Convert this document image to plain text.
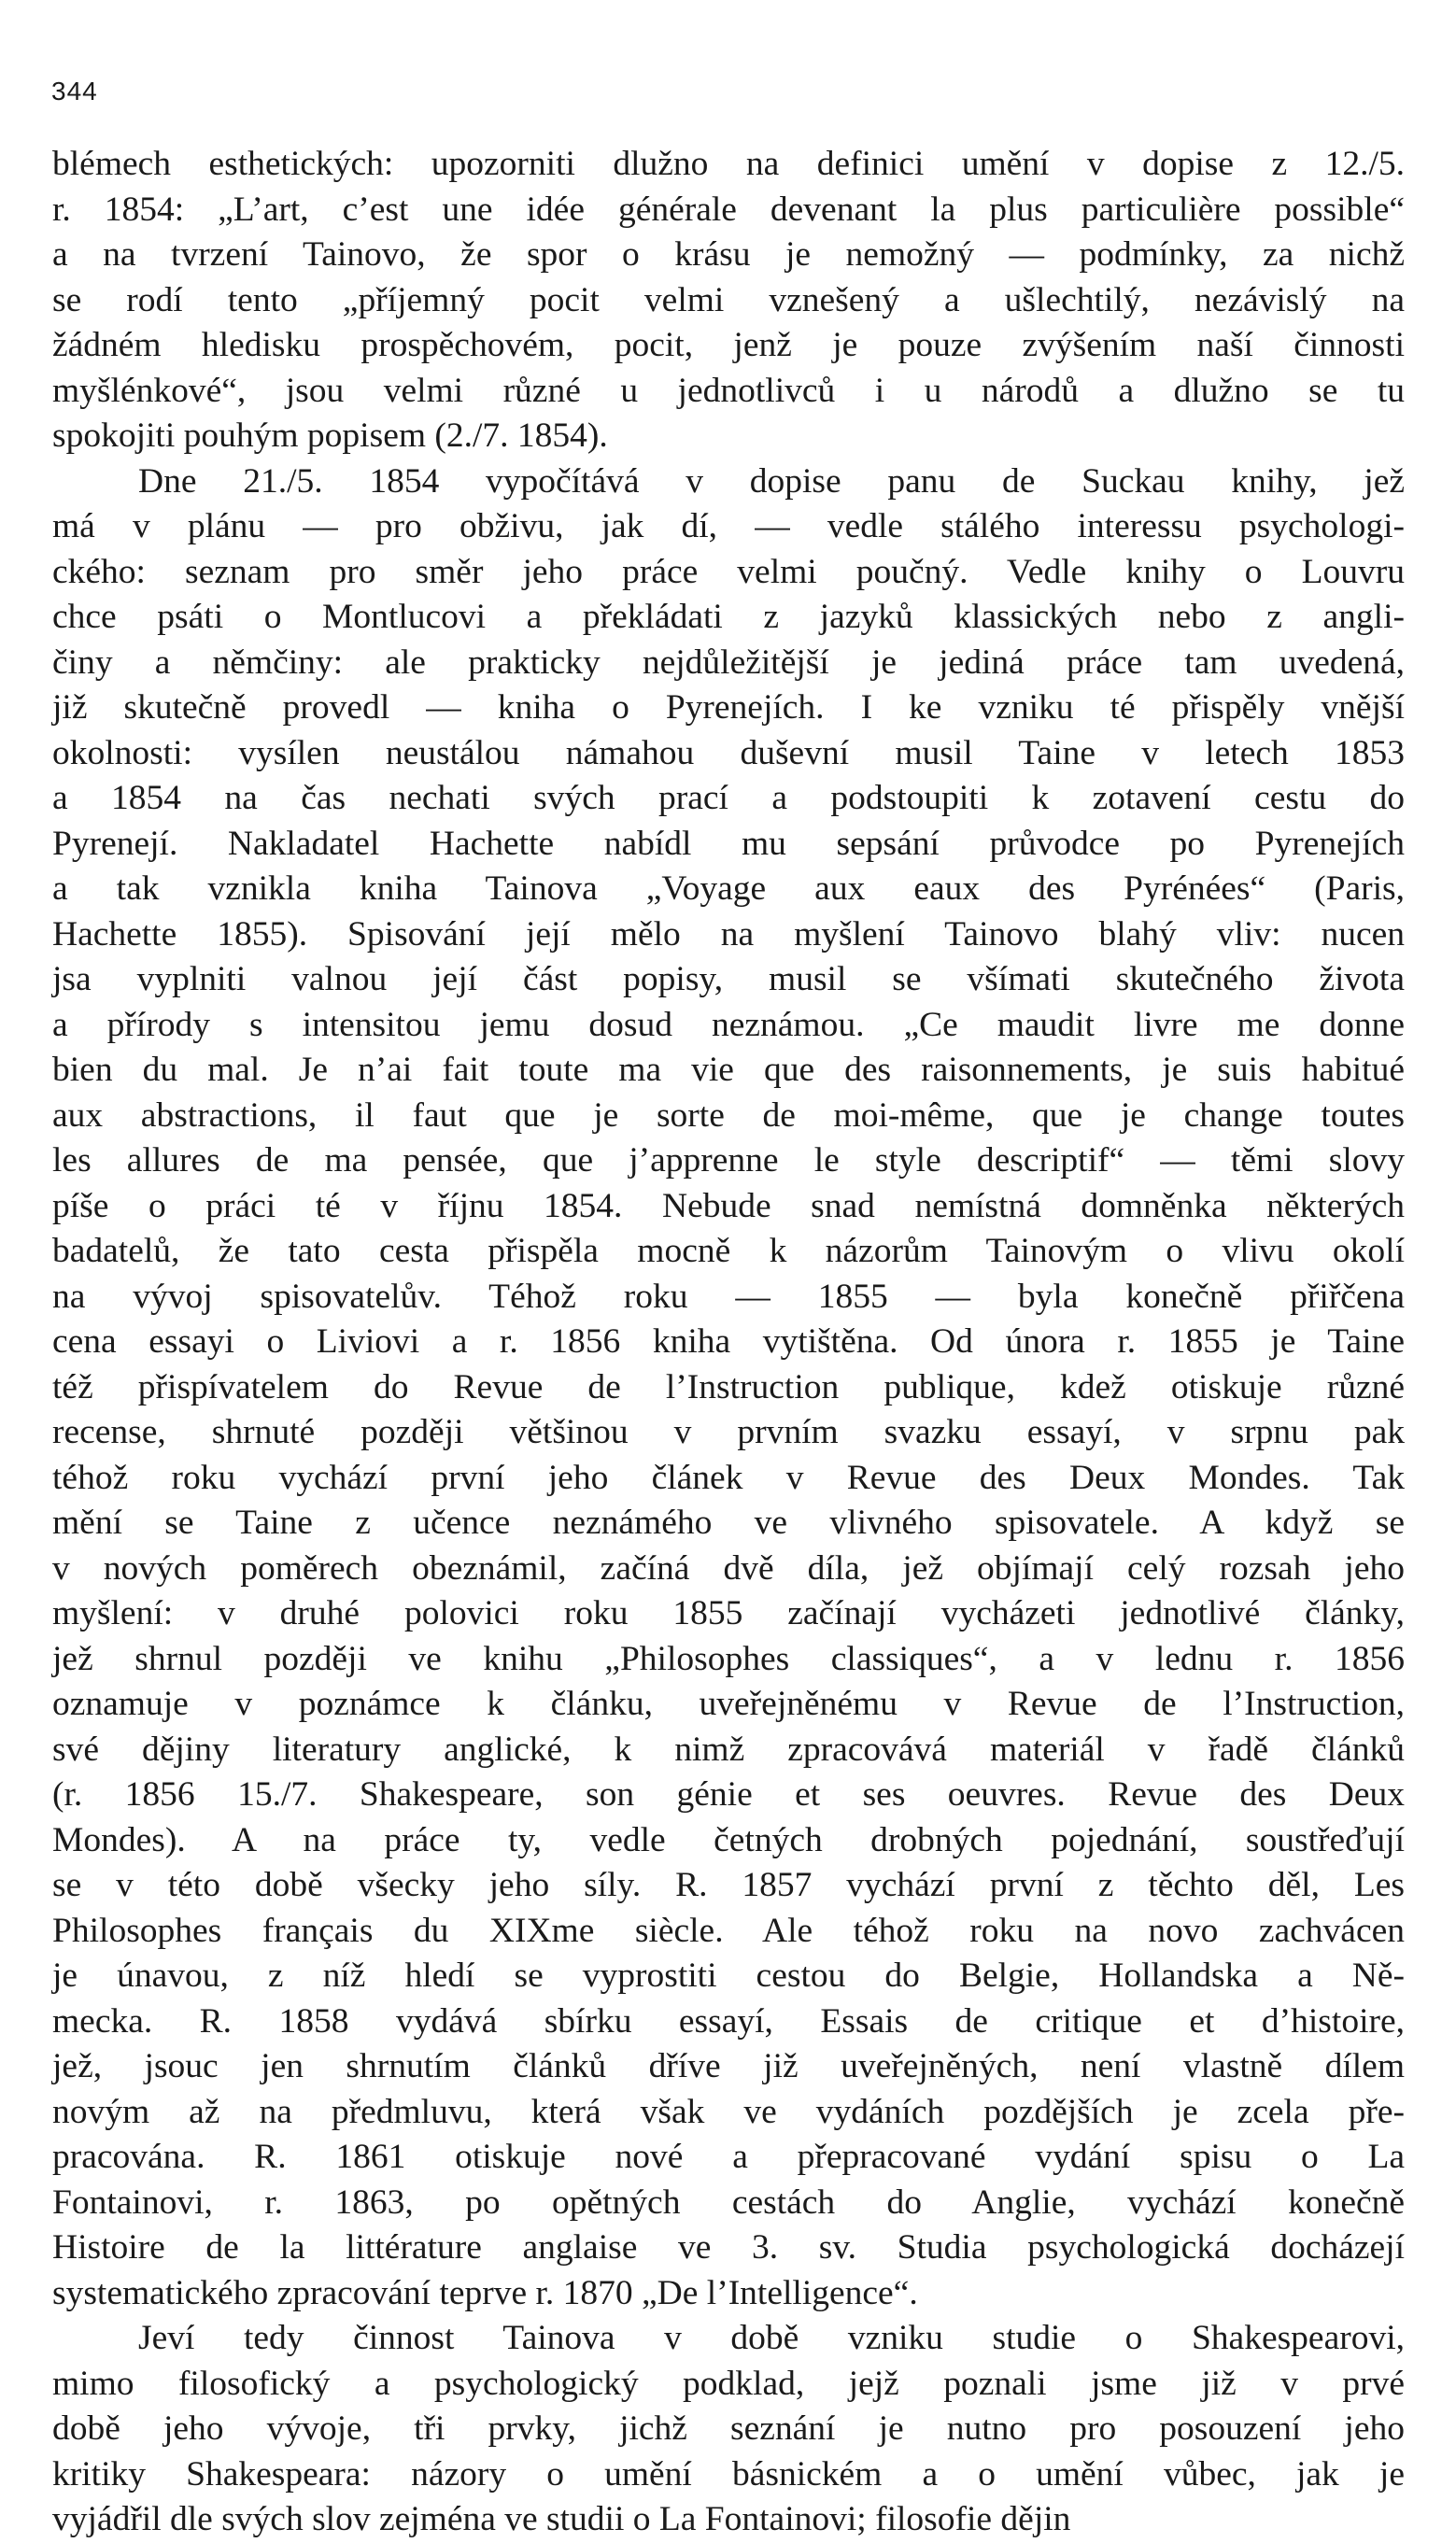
344
blémech esthetických: upozorniti dlužno na definici umění v dopise z 12./5.
r. 1854: „L’art, c’est une idée générale devenant la plus particulière possible“
a na tvrzení Tainovo, že spor o krásu je nemožný — podmínky, za nichž
se rodí tento „příjemný pocit velmi vznešený a ušlechtilý, nezávislý na
žádném hledisku prospěchovém, pocit, jenž je pouze zvýšením naší činnosti
myšlénkové“, jsou velmi různé u jednotlivců i u národů a dlužno se tu
spokojiti pouhým popisem (2./7. 1854).
Dne 21./5. 1854 vypočítává v dopise panu de Suckau knihy, jež
má v plánu — pro obživu, jak dí, — vedle stálého interessu psychologi-
ckého: seznam pro směr jeho práce velmi poučný. Vedle knihy o Louvru
chce psáti o Montlucovi a překládati z jazyků klassických nebo z angli-
činy a němčiny: ale prakticky nejdůležitější je jediná práce tam uvedená,
již skutečně provedl — kniha o Pyrenejích. I ke vzniku té přispěly vnější
okolnosti: vysílen neustálou námahou duševní musil Taine v letech 1853
a 1854 na čas nechati svých prací a podstoupiti k zotavení cestu do
Pyrenejí. Nakladatel Hachette nabídl mu sepsání průvodce po Pyrenejích
a tak vznikla kniha Tainova „Voyage aux eaux des Pyrénées“ (Paris,
Hachette 1855). Spisování její mělo na myšlení Tainovo blahý vliv: nucen
jsa vyplniti valnou její část popisy, musil se všímati skutečného života
a přírody s intensitou jemu dosud neznámou. „Ce maudit livre me donne
bien du mal. Je n’ai fait toute ma vie que des raisonnements, je suis habitué
aux abstractions, il faut que je sorte de moi-même, que je change toutes
les allures de ma pensée, que j’apprenne le style descriptif“ — těmi slovy
píše o práci té v říjnu 1854. Nebude snad nemístná domněnka některých
badatelů, že tato cesta přispěla mocně k názorům Tainovým o vlivu okolí
na vývoj spisovatelův. Téhož roku — 1855 — byla konečně přiřčena
cena essayi o Liviovi a r. 1856 kniha vytištěna. Od února r. 1855 je Taine
též přispívatelem do Revue de l’Instruction publique, kdež otiskuje různé
recense, shrnuté později většinou v prvním svazku essayí, v srpnu pak
téhož roku vychází první jeho článek v Revue des Deux Mondes. Tak
mění se Taine z učence neznámého ve vlivného spisovatele. A když se
v nových poměrech obeznámil, začíná dvě díla, jež objímají celý rozsah jeho
myšlení: v druhé polovici roku 1855 začínají vycházeti jednotlivé články,
jež shrnul později ve knihu „Philosophes classiques“, a v lednu r. 1856
oznamuje v poznámce k článku, uveřejněnému v Revue de l’Instruction,
své dějiny literatury anglické, k nimž zpracovává materiál v řadě článků
(r. 1856 15./7. Shakespeare, son génie et ses oeuvres. Revue des Deux
Mondes). A na práce ty, vedle četných drobných pojednání, soustřeďují
se v této době všecky jeho síly. R. 1857 vychází první z těchto děl, Les
Philosophes français du XIXme siècle. Ale téhož roku na novo zachvácen
je únavou, z níž hledí se vyprostiti cestou do Belgie, Hollandska a Ně-
mecka. R. 1858 vydává sbírku essayí, Essais de critique et d’histoire,
jež, jsouc jen shrnutím článků dříve již uveřejněných, není vlastně dílem
novým až na předmluvu, která však ve vydáních pozdějších je zcela pře-
pracována. R. 1861 otiskuje nové a přepracované vydání spisu o La
Fontainovi, r. 1863, po opětných cestách do Anglie, vychází konečně
Histoire de la littérature anglaise ve 3. sv. Studia psychologická docházejí
systematického zpracování teprve r. 1870 „De l’Intelligence“.
Jeví tedy činnost Tainova v době vzniku studie o Shakespearovi,
mimo filosofický a psychologický podklad, jejž poznali jsme již v prvé
době jeho vývoje, tři prvky, jichž seznání je nutno pro posouzení jeho
kritiky Shakespeara: názory o umění básnickém a o umění vůbec, jak je
vyjádřil dle svých slov zejména ve studii o La Fontainovi; filosofie dějin
